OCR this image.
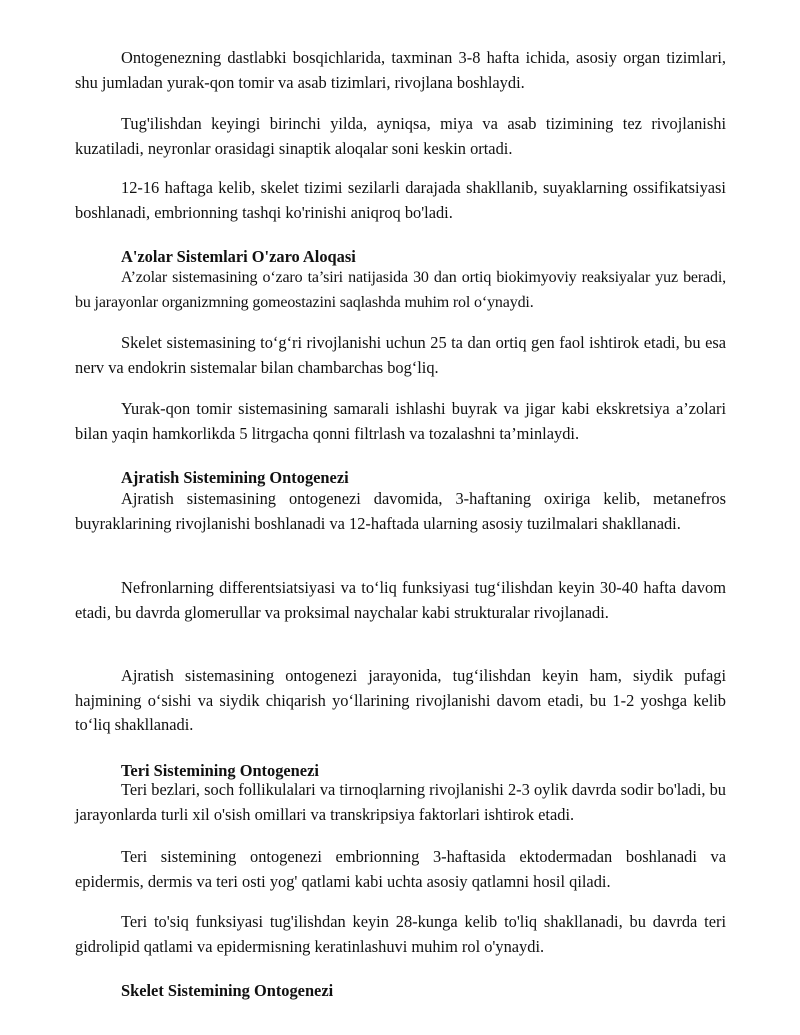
Ontogenezning dastlabki bosqichlarida, taxminan 3-8 hafta ichida, asosiy organ tizimlari, shu jumladan yurak-qon tomir va asab tizimlari, rivojlana boshlaydi.

Tug'ilishdan keyingi birinchi yilda, ayniqsa, miya va asab tizimining tez rivojlanishi kuzatiladi, neyronlar orasidagi sinaptik aloqalar soni keskin ortadi.

12-16 haftaga kelib, skelet tizimi sezilarli darajada shakllanib, suyaklarning ossifikatsiyasi boshlanadi, embrionning tashqi ko'rinishi aniqroq bo'ladi.

A'zolar Sistemlari O'zaro Aloqasi

A’zolar sistemasining o‘zaro ta’siri natijasida 30 dan ortiq biokimyoviy reaksiyalar yuz beradi, bu jarayonlar organizmning gomeostazini saqlashda muhim rol o‘ynaydi.

Skelet sistemasining to‘g‘ri rivojlanishi uchun 25 ta dan ortiq gen faol ishtirok etadi, bu esa nerv va endokrin sistemalar bilan chambarchas bog‘liq.

Yurak-qon tomir sistemasining samarali ishlashi buyrak va jigar kabi ekskretsiya a’zolari bilan yaqin hamkorlikda 5 litrgacha qonni filtrlash va tozalashni ta’minlaydi.

Ajratish Sistemining Ontogenezi

Ajratish sistemasining ontogenezi davomida, 3-haftaning oxiriga kelib, metanefros buyraklarining rivojlanishi boshlanadi va 12-haftada ularning asosiy tuzilmalari shakllanadi.

Nefronlarning differentsiatsiyasi va to‘liq funksiyasi tug‘ilishdan keyin 30-40 hafta davom etadi, bu davrda glomerullar va proksimal naychalar kabi strukturalar rivojlanadi.

Ajratish sistemasining ontogenezi jarayonida, tug‘ilishdan keyin ham, siydik pufagi hajmining o‘sishi va siydik chiqarish yo‘llarining rivojlanishi davom etadi, bu 1-2 yoshga kelib to‘liq shakllanadi.

Teri Sistemining Ontogenezi

Teri bezlari, soch follikulalari va tirnoqlarning rivojlanishi 2-3 oylik davrda sodir bo'ladi, bu jarayonlarda turli xil o'sish omillari va transkripsiya faktorlari ishtirok etadi.

Teri sistemining ontogenezi embrionning 3-haftasida ektodermadan boshlanadi va epidermis, dermis va teri osti yog' qatlami kabi uchta asosiy qatlamni hosil qiladi.

Teri to'siq funksiyasi tug'ilishdan keyin 28-kunga kelib to'liq shakllanadi, bu davrda teri gidrolipid qatlami va epidermisning keratinlashuvi muhim rol o'ynaydi.

Skelet Sistemining Ontogenezi
